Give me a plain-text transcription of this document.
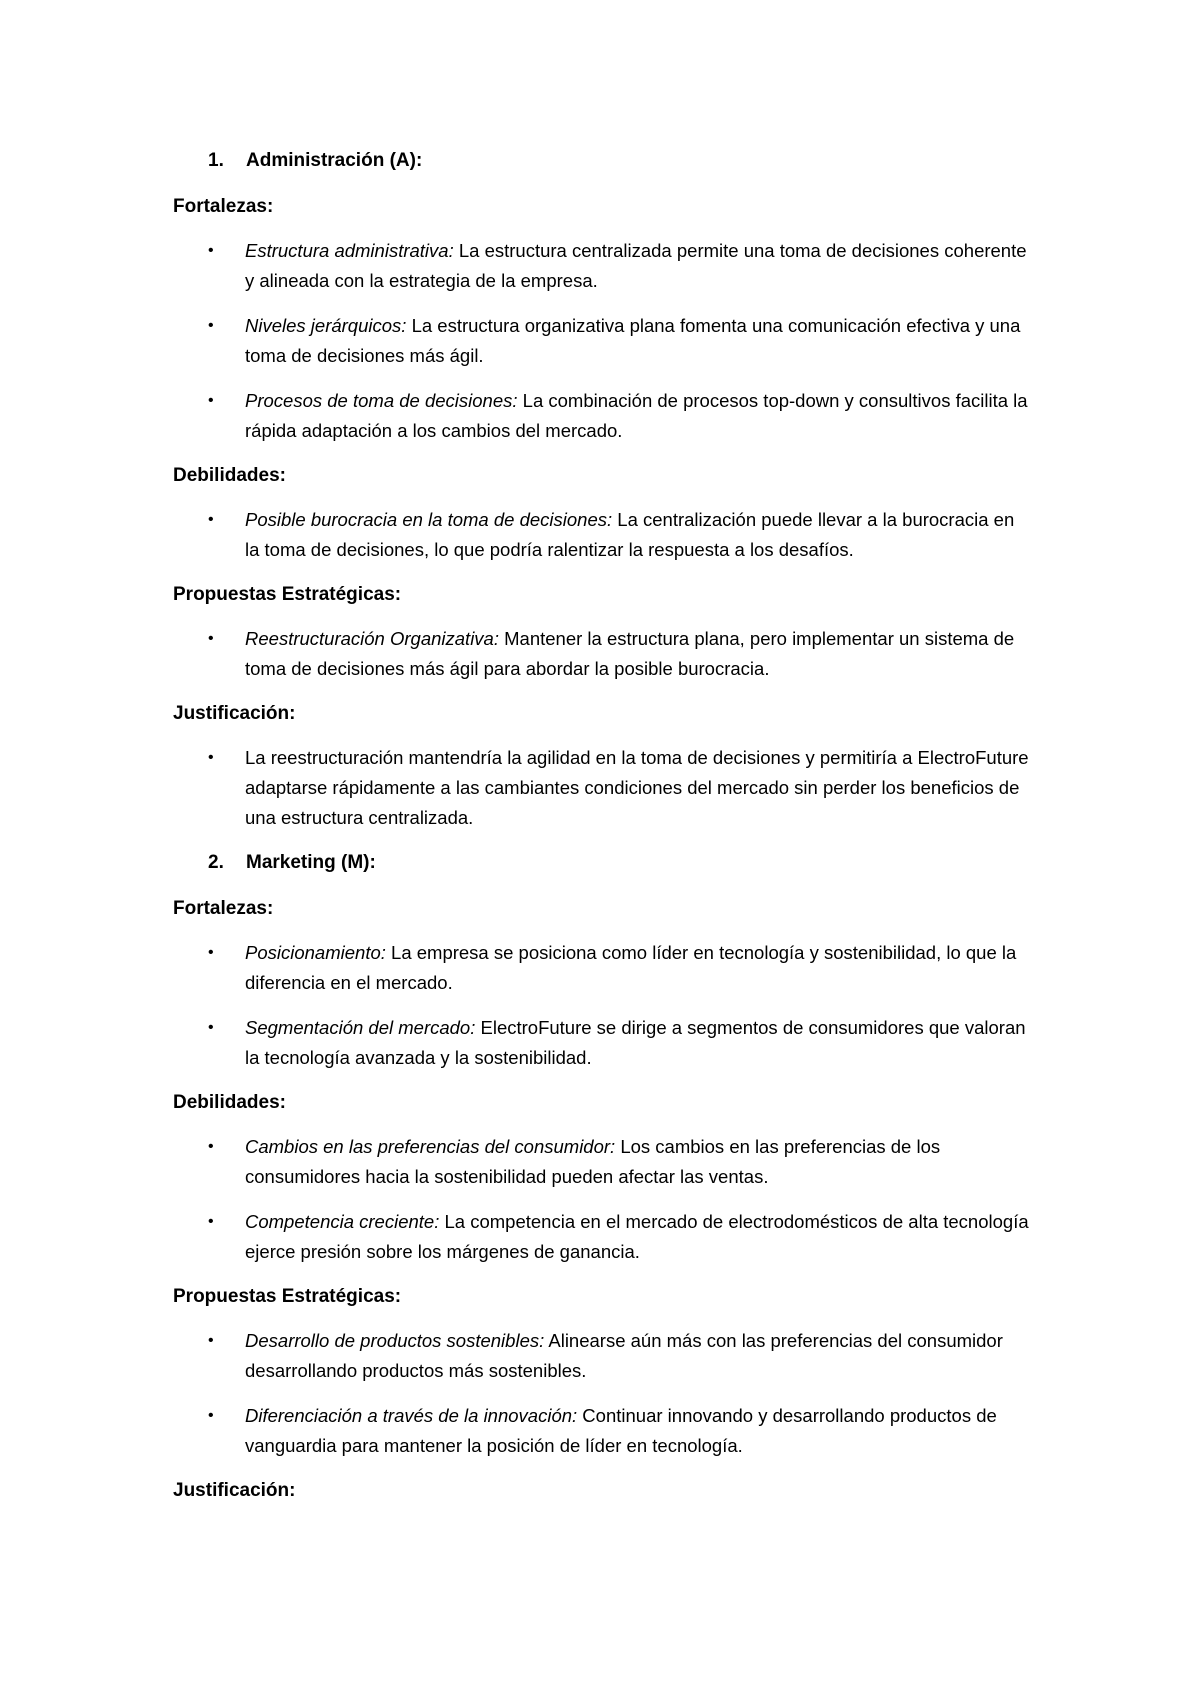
1.	Administración (A):
Fortalezas:
• Estructura administrativa: La estructura centralizada permite una toma de decisiones coherente y alineada con la estrategia de la empresa.
• Niveles jerárquicos: La estructura organizativa plana fomenta una comunicación efectiva y una toma de decisiones más ágil.
• Procesos de toma de decisiones: La combinación de procesos top-down y consultivos facilita la rápida adaptación a los cambios del mercado.
Debilidades:
• Posible burocracia en la toma de decisiones: La centralización puede llevar a la burocracia en la toma de decisiones, lo que podría ralentizar la respuesta a los desafíos.
Propuestas Estratégicas:
• Reestructuración Organizativa: Mantener la estructura plana, pero implementar un sistema de toma de decisiones más ágil para abordar la posible burocracia.
Justificación:
• La reestructuración mantendría la agilidad en la toma de decisiones y permitiría a ElectroFuture adaptarse rápidamente a las cambiantes condiciones del mercado sin perder los beneficios de una estructura centralizada.
2.	Marketing (M):
Fortalezas:
• Posicionamiento: La empresa se posiciona como líder en tecnología y sostenibilidad, lo que la diferencia en el mercado.
• Segmentación del mercado: ElectroFuture se dirige a segmentos de consumidores que valoran la tecnología avanzada y la sostenibilidad.
Debilidades:
• Cambios en las preferencias del consumidor: Los cambios en las preferencias de los consumidores hacia la sostenibilidad pueden afectar las ventas.
• Competencia creciente: La competencia en el mercado de electrodomésticos de alta tecnología ejerce presión sobre los márgenes de ganancia.
Propuestas Estratégicas:
• Desarrollo de productos sostenibles: Alinearse aún más con las preferencias del consumidor desarrollando productos más sostenibles.
• Diferenciación a través de la innovación: Continuar innovando y desarrollando productos de vanguardia para mantener la posición de líder en tecnología.
Justificación:
